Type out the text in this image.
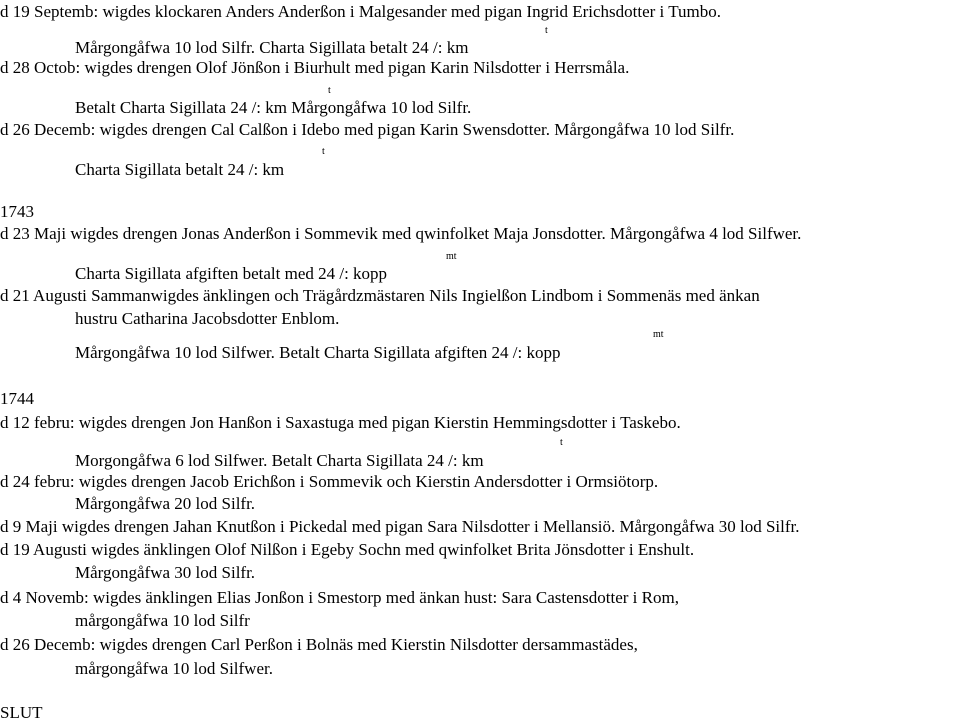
d 19 Septemb: wigdes klockaren Anders Anderßon i Malgesander med pigan Ingrid Erichsdotter i Tumbo.
Mårgongåfwa 10 lod Silfr. Charta Sigillata betalt 24 /: km
t
d 28 Octob: wigdes drengen Olof Jönßon i Biurhult med pigan Karin Nilsdotter i Herrsmåla.
Betalt Charta Sigillata 24 /: km Mårgongåfwa 10 lod Silfr.
t
d 26 Decemb: wigdes drengen Cal Calßon i Idebo med pigan Karin Swensdotter. Mårgongåfwa 10 lod Silfr.
Charta Sigillata betalt 24 /: km
t
1743
d 23 Maji wigdes drengen Jonas Anderßon i Sommevik med qwinfolket Maja Jonsdotter. Mårgongåfwa 4 lod Silfwer.
Charta Sigillata afgiften betalt med 24 /: kopp
mt
d 21 Augusti Sammanwigdes änklingen och Trägårdzmästaren Nils Ingielßon Lindbom i Sommenäs med änkan
hustru Catharina Jacobsdotter Enblom.
Mårgongåfwa 10 lod Silfwer. Betalt Charta Sigillata afgiften 24 /: kopp
mt
1744
d 12 febru: wigdes drengen Jon Hanßon i Saxastuga med pigan Kierstin Hemmingsdotter i Taskebo.
Morgongåfwa 6 lod Silfwer. Betalt Charta Sigillata 24 /: km
t
d 24 febru: wigdes drengen Jacob Erichßon i Sommevik och Kierstin Andersdotter i Ormsiötorp.
Mårgongåfwa 20 lod Silfr.
d 9 Maji wigdes drengen Jahan Knutßon i Pickedal med pigan Sara Nilsdotter i Mellansiö. Mårgongåfwa 30 lod Silfr.
d 19 Augusti wigdes änklingen Olof Nilßon i Egeby Sochn med qwinfolket Brita Jönsdotter i Enshult.
Mårgongåfwa 30 lod Silfr.
d 4 Novemb: wigdes änklingen Elias Jonßon i Smestorp med änkan hust: Sara Castensdotter i Rom,
mårgongåfwa 10 lod Silfr
d 26 Decemb: wigdes drengen Carl Perßon i Bolnäs med Kierstin Nilsdotter dersammastädes,
mårgongåfwa 10 lod Silfwer.
SLUT
